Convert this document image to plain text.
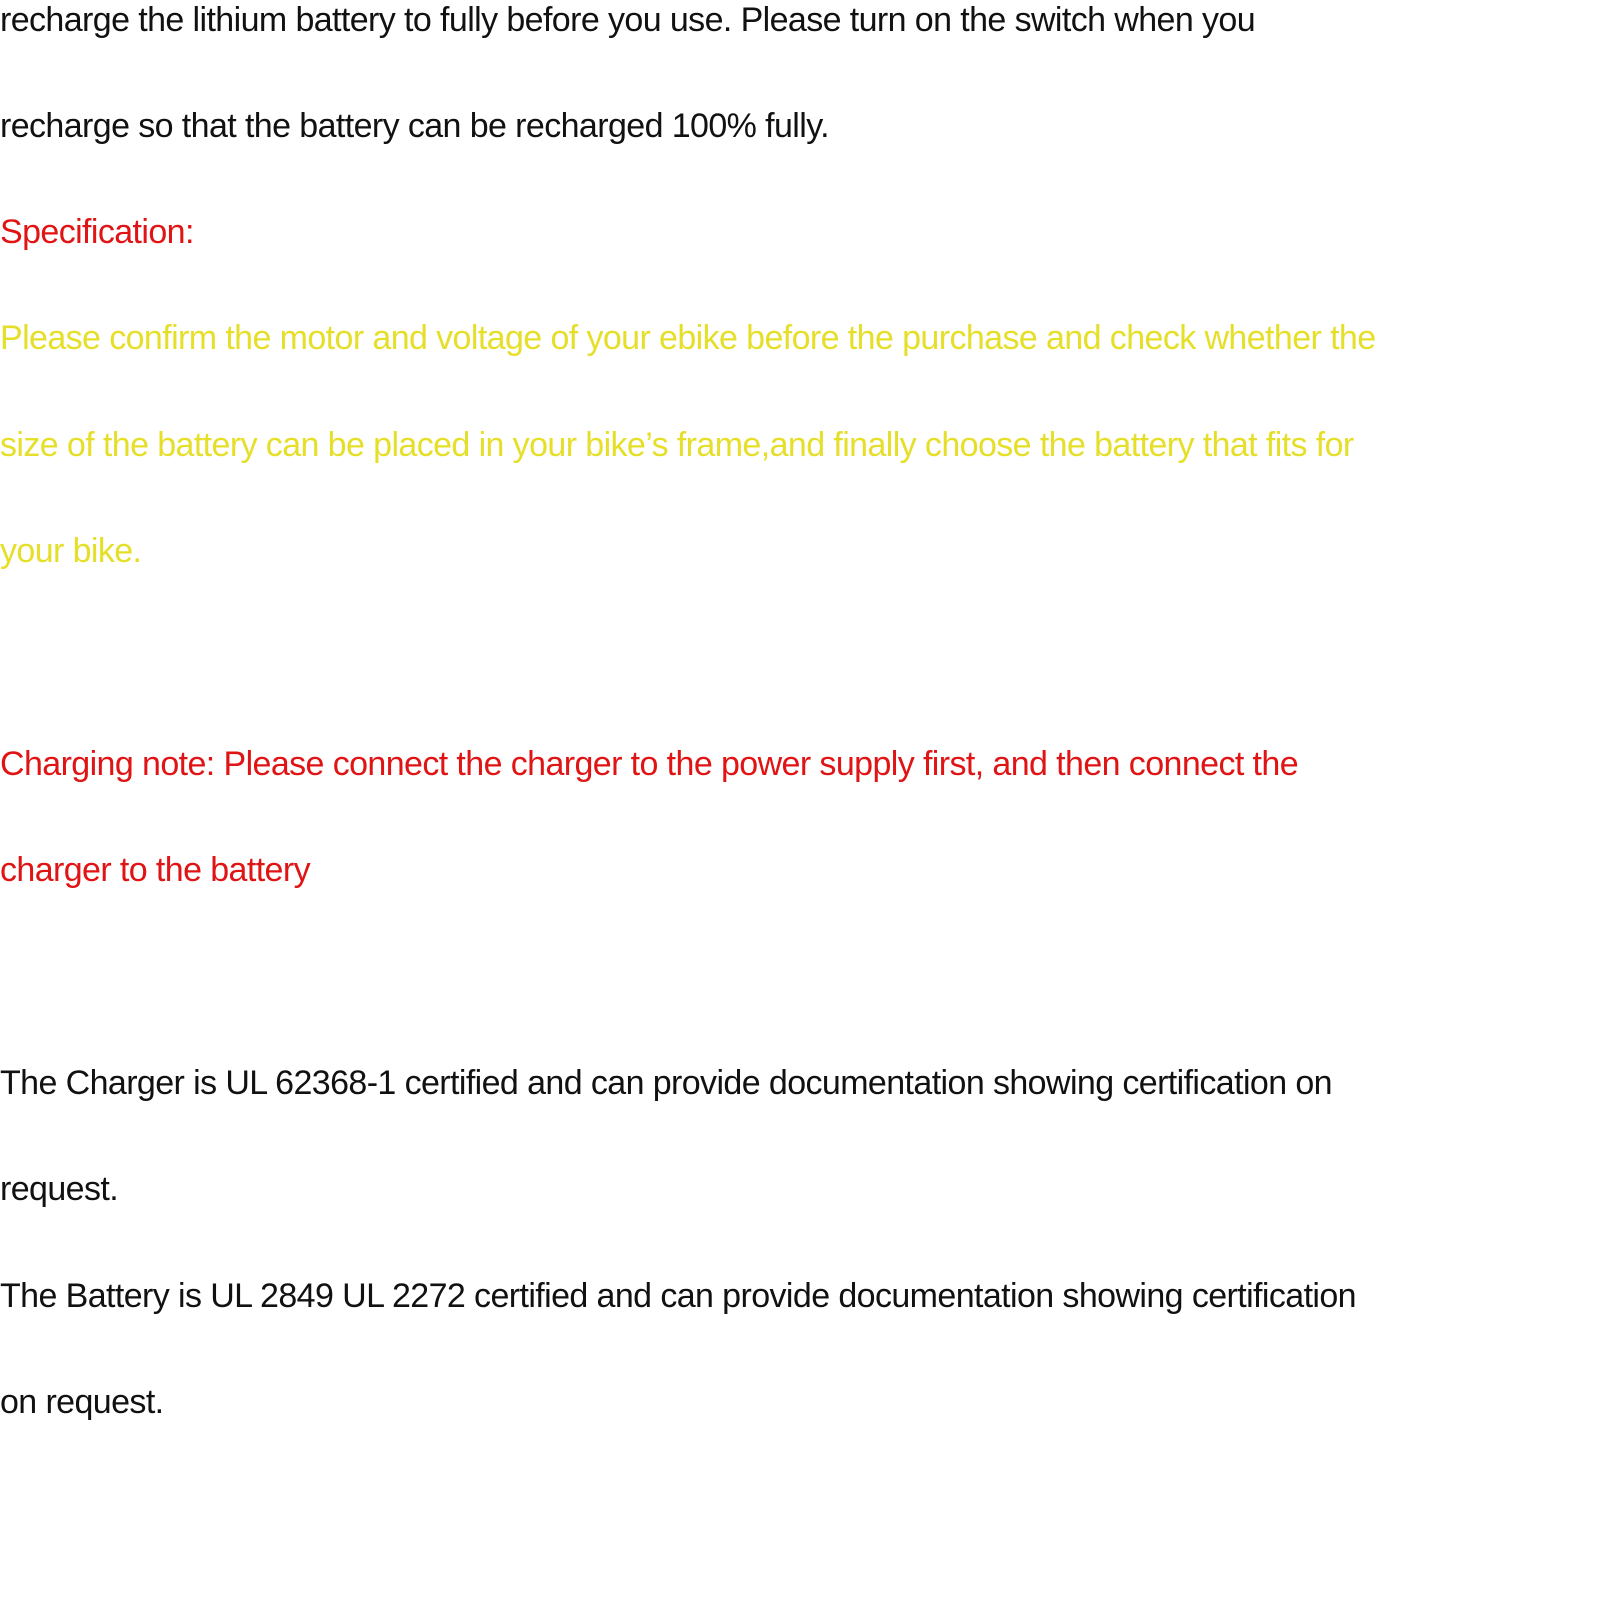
recharge the lithium battery to fully before you use. Please turn on the switch when you
recharge so that the battery can be recharged 100% fully.
Specification:
Please confirm the motor and voltage of your ebike before the purchase and check whether the
size of the battery can be placed in your bike’s frame,and finally choose the battery that fits for
your bike.
Charging note: Please connect the charger to the power supply first, and then connect the
charger to the battery
The Charger is UL 62368-1 certified and can provide documentation showing certification on
request.
The Battery is UL 2849 UL 2272 certified and can provide documentation showing certification
on request.
